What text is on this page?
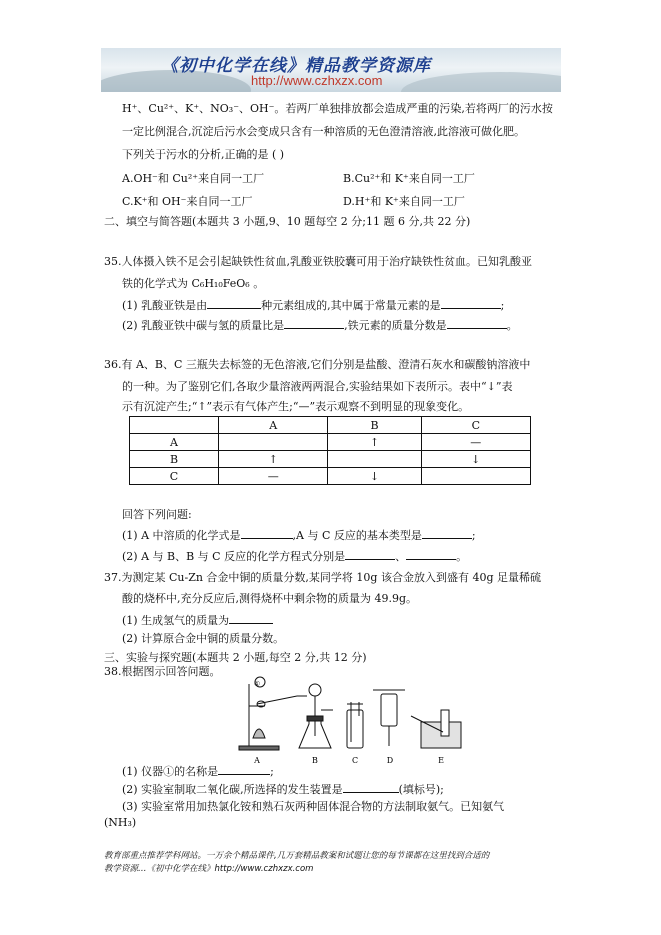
《初中化学在线》精品教学资源库
http://www.czhxzx.com
H⁺、Cu²⁺、K⁺、NO₃⁻、OH⁻。若两厂单独排放都会造成严重的污染,若将两厂的污水按
一定比例混合,沉淀后污水会变成只含有一种溶质的无色澄清溶液,此溶液可做化肥。
下列关于污水的分析,正确的是 ( )
A.OH⁻和 Cu²⁺来自同一工厂	B.Cu²⁺和 K⁺来自同一工厂
C.K⁺和 OH⁻来自同一工厂	D.H⁺和 K⁺来自同一工厂
二、填空与简答题(本题共 3 小题,9、10 题每空 2 分;11 题 6 分,共 22 分)
35.人体摄入铁不足会引起缺铁性贫血,乳酸亚铁胶囊可用于治疗缺铁性贫血。已知乳酸亚
铁的化学式为 C₆H₁₀FeO₆ 。
(1) 乳酸亚铁是由	种元素组成的,其中属于常量元素的是	;
(2) 乳酸亚铁中碳与氢的质量比是	,铁元素的质量分数是	。
36.有 A、B、C 三瓶失去标签的无色溶液,它们分别是盐酸、澄清石灰水和碳酸钠溶液中
的一种。为了鉴别它们,各取少量溶液两两混合,实验结果如下表所示。表中“↓”表
示有沉淀产生;“↑”表示有气体产生;“—”表示观察不到明显的现象变化。
	A	B	C
A		↑	—
B	↑		↓
C	—	↓	
回答下列问题:
(1) A 中溶质的化学式是	,A 与 C 反应的基本类型是	;
(2) A 与 B、B 与 C 反应的化学方程式分别是	、	。
37.为测定某 Cu-Zn 合金中铜的质量分数,某同学将 10g 该合金放入到盛有 40g 足量稀硫
酸的烧杯中,充分反应后,测得烧杯中剩余物的质量为 49.9g。
(1) 生成氢气的质量为
(2) 计算原合金中铜的质量分数。
三、实验与探究题(本题共 2 小题,每空 2 分,共 12 分)
38.根据图示回答问题。
①
A	B	C	D	E
(1) 仪器①的名称是	;
(2) 实验室制取二氧化碳,所选择的发生装置是	(填标号);
(3) 实验室常用加热氯化铵和熟石灰两种固体混合物的方法制取氨气。已知氨气
(NH₃)
教育部重点推荐学科网站。一万余个精品课件,几万套精品教案和试题让您的每节课都在这里找到合适的
教学资源…《初中化学在线》http://www.czhxzx.com
